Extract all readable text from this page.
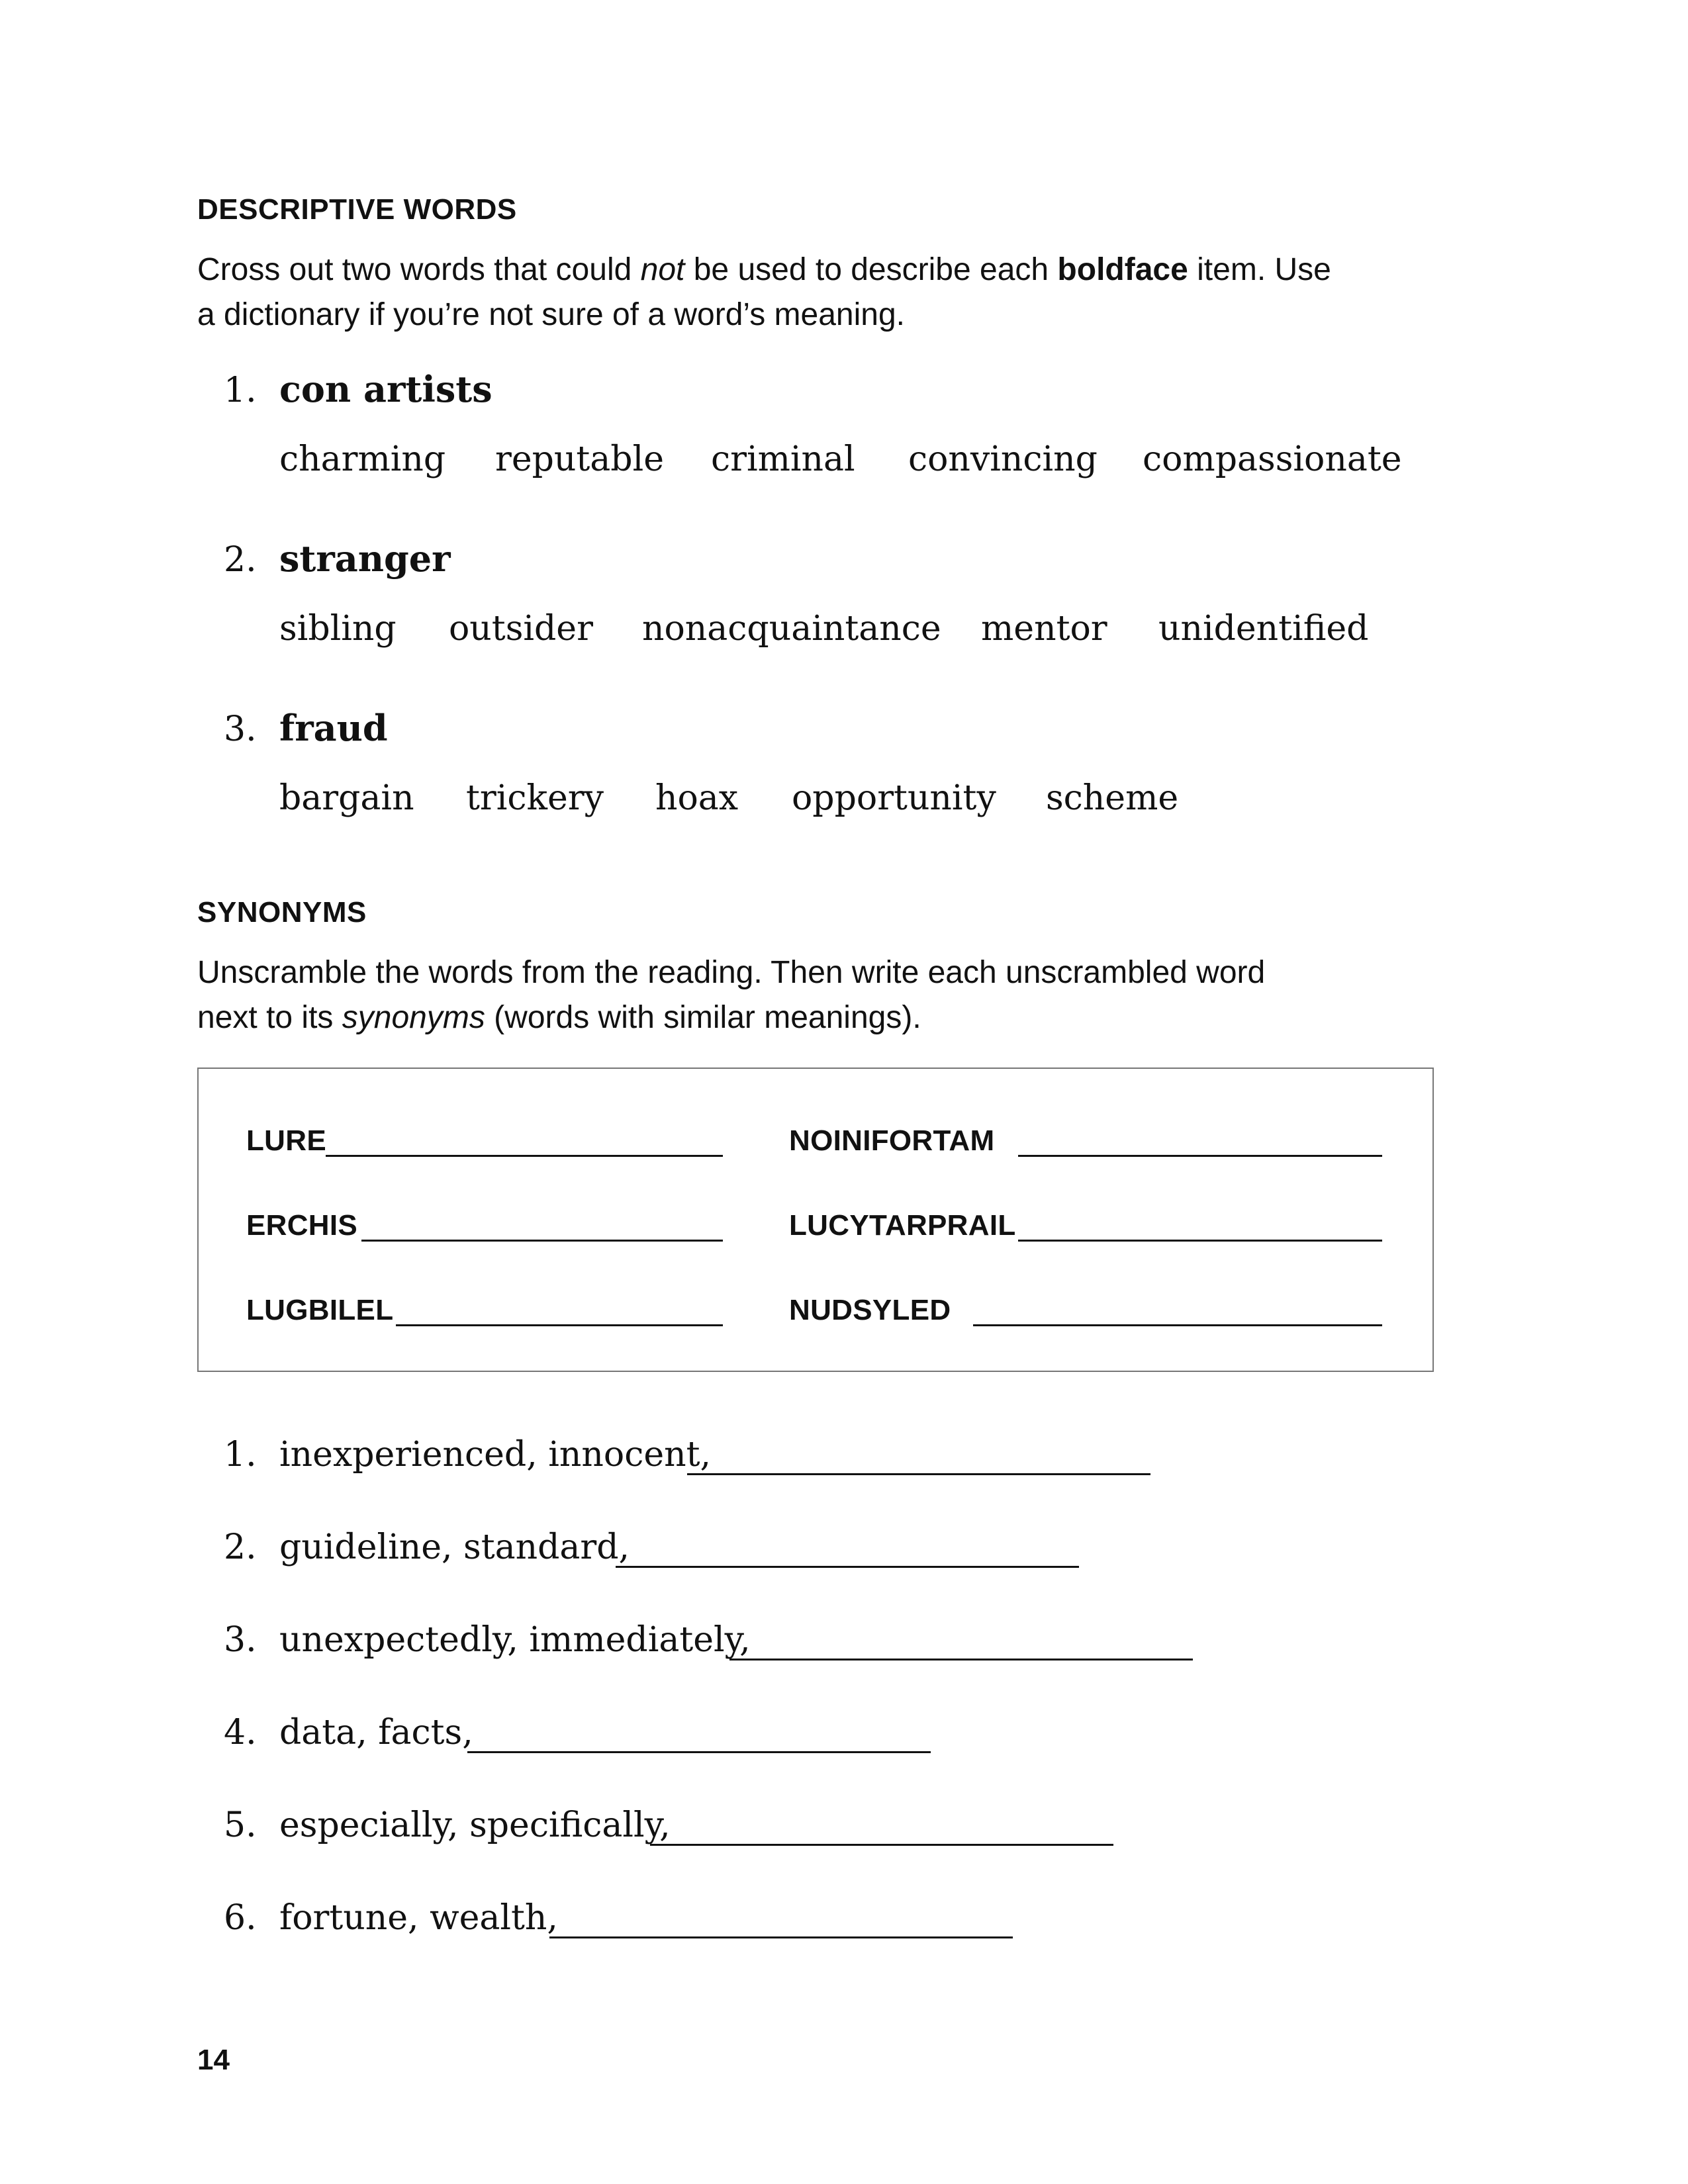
DESCRIPTIVE WORDS
Cross out two words that could not be used to describe each boldface item. Use a dictionary if you’re not sure of a word’s meaning.
1. con artists
charming reputable criminal convincing compassionate
2. stranger
sibling outsider nonacquaintance mentor unidentified
3. fraud
bargain trickery hoax opportunity scheme
SYNONYMS
Unscramble the words from the reading. Then write each unscrambled word next to its synonyms (words with similar meanings).
LURE
ERCHIS
LUGBILEL
NOINIFORTAM
LUCYTARPRAIL
NUDSYLED
1. inexperienced, innocent,
2. guideline, standard,
3. unexpectedly, immediately,
4. data, facts,
5. especially, specifically,
6. fortune, wealth,
14
